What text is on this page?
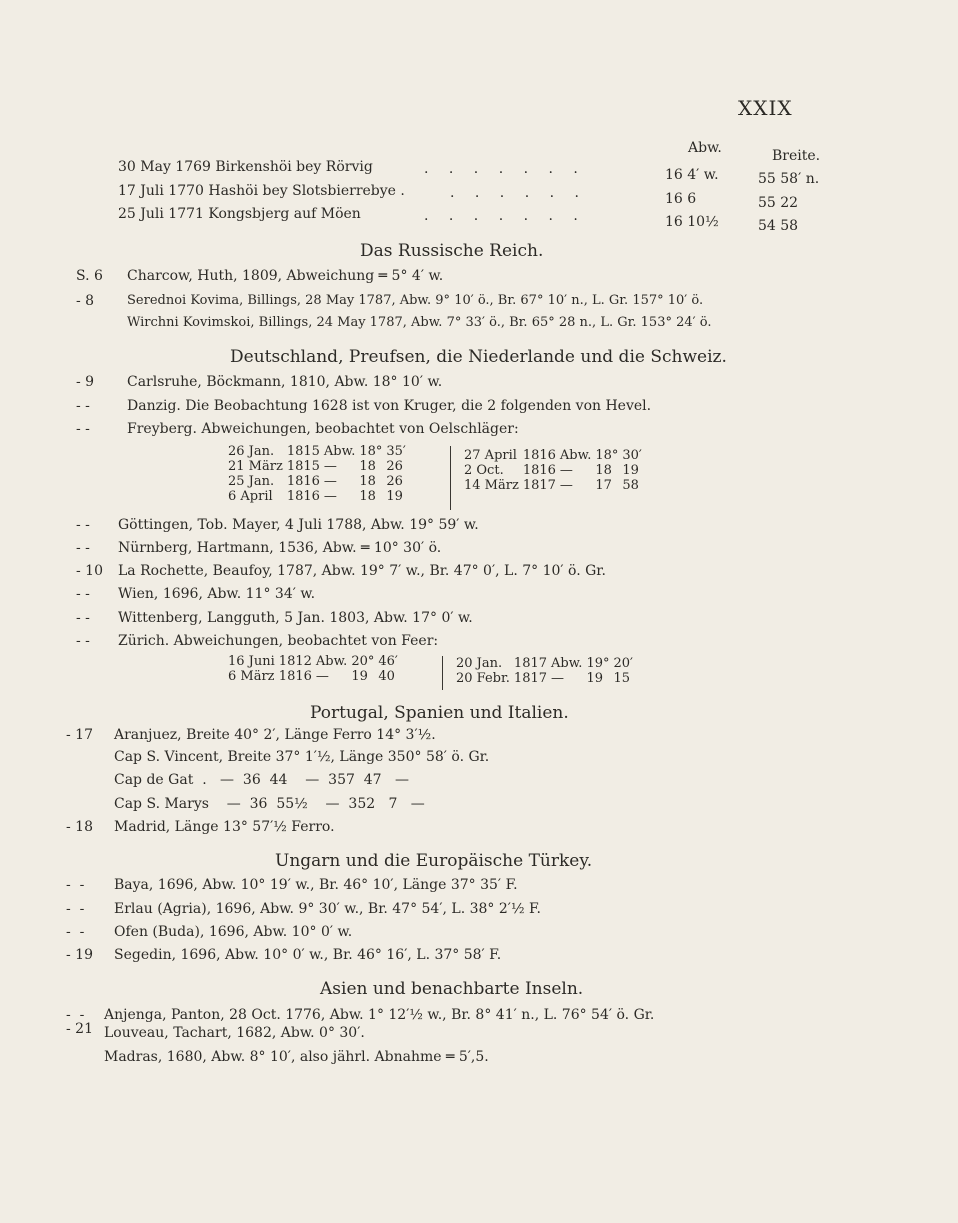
XXIX
Abw.	Breite.
30 May 1769 Birkenshöi bey Rörvig	. . . . . . .	16 4′ w.	55 58′ n.
17 Juli 1770 Hashöi bey Slotsbierrebye .	. . . . . .	16 6	55 22
25 Juli 1771 Kongsbjerg auf Möen	. . . . . . .	16 10½	54 58
Das Russische Reich.
S. 6 Charcow, Huth, 1809, Abweichung ═ 5° 4′ w.
- 8	Serednoi Kovima, Billings, 28 May 1787, Abw. 9° 10′ ö., Br. 67° 10′ n., L. Gr. 157° 10′ ö.
Wirchni Kovimskoi, Billings, 24 May 1787, Abw. 7° 33′ ö., Br. 65° 28 n., L. Gr. 153° 24′ ö.
Deutschland, Preufsen, die Niederlande und die Schweiz.
- 9 Carlsruhe, Böckmann, 1810, Abw. 18° 10′ w.
- -	Danzig. Die Beobachtung 1628 ist von Kruger, die 2 folgenden von Hevel.
- -	Freyberg. Abweichungen, beobachtet von Oelschläger:
26 Jan.	1815	Abw.	18°	35′
21 März	1815	—	18	26
25 Jan.	1816	—	18	26
6 April	1816	—	18	19
27 April	1816	Abw.	18°	30′
2 Oct.	1816	—	18	19
14 März	1817	—	17	58
- - Göttingen, Tob. Mayer, 4 Juli 1788, Abw. 19° 59′ w.
- - Nürnberg, Hartmann, 1536, Abw. ═ 10° 30′ ö.
- 10 La Rochette, Beaufoy, 1787, Abw. 19° 7′ w., Br. 47° 0′, L. 7° 10′ ö. Gr.
- - Wien, 1696, Abw. 11° 34′ w.
- - Wittenberg, Langguth, 5 Jan. 1803, Abw. 17° 0′ w.
- - Zürich. Abweichungen, beobachtet von Feer:
16 Juni	1812	Abw.	20°	46′
6 März	1816	—	19	40
20 Jan.	1817	Abw.	19°	20′
20 Febr.	1817	—	19	15
Portugal, Spanien und Italien.
- 17 Aranjuez, Breite 40° 2′, Länge Ferro 14° 3′½.
Cap S. Vincent, Breite 37° 1′½, Länge 350° 58′ ö. Gr.
Cap de Gat  .   —  36  44    —  357  47   —
Cap S. Marys    —  36  55½    —  352   7   —
- 18 Madrid, Länge 13° 57′½ Ferro.
Ungarn und die Europäische Türkey.
-  - Baya, 1696, Abw. 10° 19′ w., Br. 46° 10′, Länge 37° 35′ F.
-  - Erlau (Agria), 1696, Abw. 9° 30′ w., Br. 47° 54′, L. 38° 2′½ F.
-  - Ofen (Buda), 1696, Abw. 10° 0′ w.
- 19 Segedin, 1696, Abw. 10° 0′ w., Br. 46° 16′, L. 37° 58′ F.
Asien und benachbarte Inseln.
-  - Anjenga, Panton, 28 Oct. 1776, Abw. 1° 12′½ w., Br. 8° 41′ n., L. 76° 54′ ö. Gr.
- 21 Louveau, Tachart, 1682, Abw. 0° 30′.
Madras, 1680, Abw. 8° 10′, also jährl. Abnahme ═ 5′,5.
